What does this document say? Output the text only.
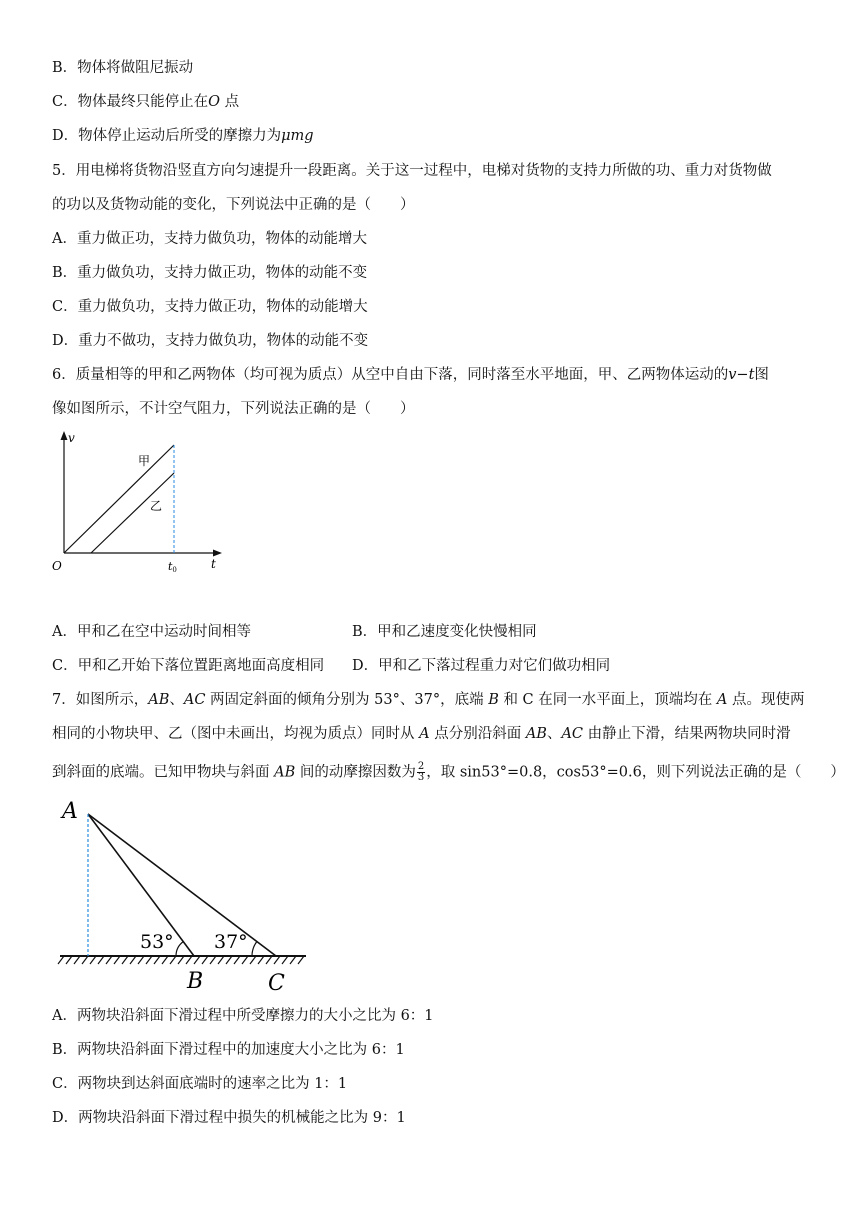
B．物体将做阻尼振动
C．物体最终只能停止在O 点
D．物体停止运动后所受的摩擦力为μmg
5．用电梯将货物沿竖直方向匀速提升一段距离。关于这一过程中，电梯对货物的支持力所做的功、重力对货物做
的功以及货物动能的变化，下列说法中正确的是（　　）
A．重力做正功，支持力做负功，物体的动能增大
B．重力做负功，支持力做正功，物体的动能不变
C．重力做负功，支持力做正功，物体的动能增大
D．重力不做功，支持力做负功，物体的动能不变
6．质量相等的甲和乙两物体（均可视为质点）从空中自由下落，同时落至水平地面，甲、乙两物体运动的v−t图
像如图所示，不计空气阻力，下列说法正确的是（　　）
v
t
O	t0
甲
乙
A．甲和乙在空中运动时间相等	B．甲和乙速度变化快慢相同
C．甲和乙开始下落位置距离地面高度相同 D．甲和乙下落过程重力对它们做功相同
7．如图所示，AB、AC 两固定斜面的倾角分别为 53°、37°，底端 B 和 C 在同一水平面上，顶端均在 A 点。现使两
相同的小物块甲、乙（图中未画出，均视为质点）同时从 A 点分别沿斜面 AB、AC 由静止下滑，结果两物块同时滑
到斜面的底端。已知甲物块与斜面 AB 间的动摩擦因数为 $\frac{2}{3}$ ，取 sin53°=0.8，cos53°=0.6，则下列说法正确的是（　　）
A
B	C
53° 37°
A．两物块沿斜面下滑过程中所受摩擦力的大小之比为 6：1
B．两物块沿斜面下滑过程中的加速度大小之比为 6：1
C．两物块到达斜面底端时的速率之比为 1：1
D．两物块沿斜面下滑过程中损失的机械能之比为 9：1
